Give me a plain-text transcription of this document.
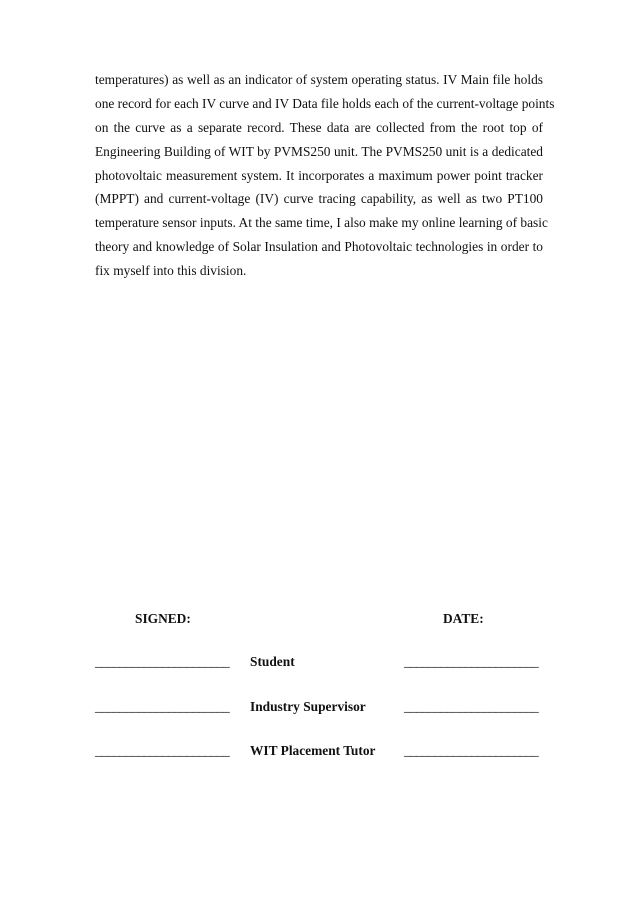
temperatures) as well as an indicator of system operating status. IV Main file holds
one record for each IV curve and IV Data file holds each of the current-voltage points
on the curve as a separate record. These data are collected from the root top of
Engineering Building of WIT by PVMS250 unit. The PVMS250 unit is a dedicated
photovoltaic measurement system. It incorporates a maximum power point tracker
(MPPT) and current-voltage (IV) curve tracing capability, as well as two PT100
temperature sensor inputs. At the same time, I also make my online learning of basic
theory and knowledge of Solar Insulation and Photovoltaic technologies in order to
fix myself into this division.
SIGNED:	DATE:
______________________ Student	______________________
______________________ Industry Supervisor	______________________
______________________ WIT Placement Tutor ______________________
